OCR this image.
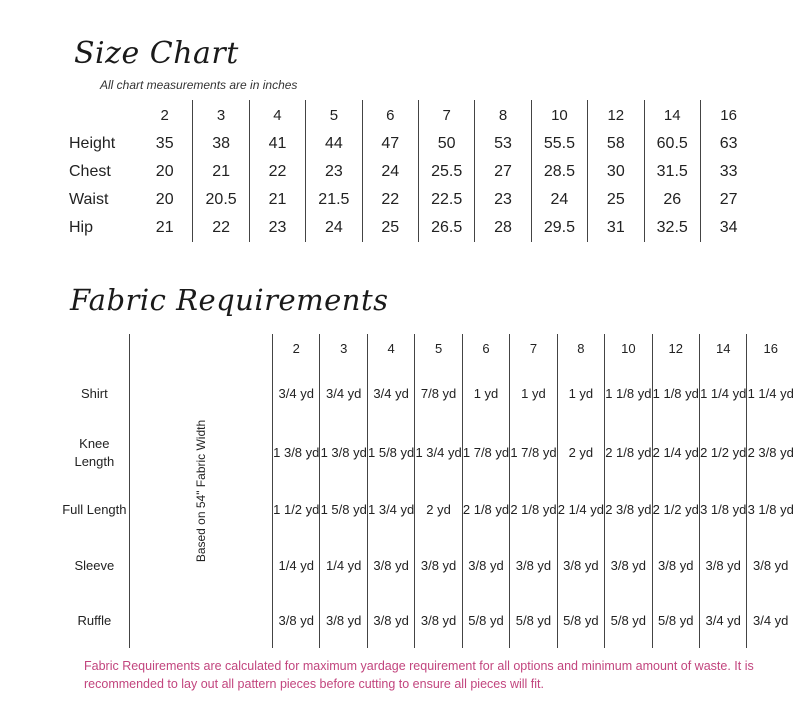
Size Chart
All chart measurements are in inches
	2	3	4	5	6	7	8	10	12	14	16
Height	35	38	41	44	47	50	53	55.5	58	60.5	63
Chest	20	21	22	23	24	25.5	27	28.5	30	31.5	33
Waist	20	20.5	21	21.5	22	22.5	23	24	25	26	27
Hip	21	22	23	24	25	26.5	28	29.5	31	32.5	34
Fabric Requirements
	Based on 54" Fabric Width	2	3	4	5	6	7	8	10	12	14	16
Shirt		3/4 yd	3/4 yd	3/4 yd	7/8 yd	1 yd	1 yd	1 yd	1 1/8 yd	1 1/8 yd	1 1/4 yd	1 1/4 yd
Knee Length		1 3/8 yd	1 3/8 yd	1 5/8 yd	1 3/4 yd	1 7/8 yd	1 7/8 yd	2 yd	2 1/8 yd	2 1/4 yd	2 1/2 yd	2 3/8 yd
Full Length		1 1/2 yd	1 5/8 yd	1 3/4 yd	2 yd	2 1/8 yd	2 1/8 yd	2 1/4 yd	2 3/8 yd	2 1/2 yd	3 1/8 yd	3 1/8 yd
Sleeve		1/4 yd	1/4 yd	3/8 yd	3/8 yd	3/8 yd	3/8 yd	3/8 yd	3/8 yd	3/8 yd	3/8 yd	3/8 yd
Ruffle		3/8 yd	3/8 yd	3/8 yd	3/8 yd	5/8 yd	5/8 yd	5/8 yd	5/8 yd	5/8 yd	3/4 yd	3/4 yd
Fabric Requirements are calculated for maximum yardage requirement for all options and minimum amount of waste. It is recommended to lay out all pattern pieces before cutting to ensure all pieces will fit.
